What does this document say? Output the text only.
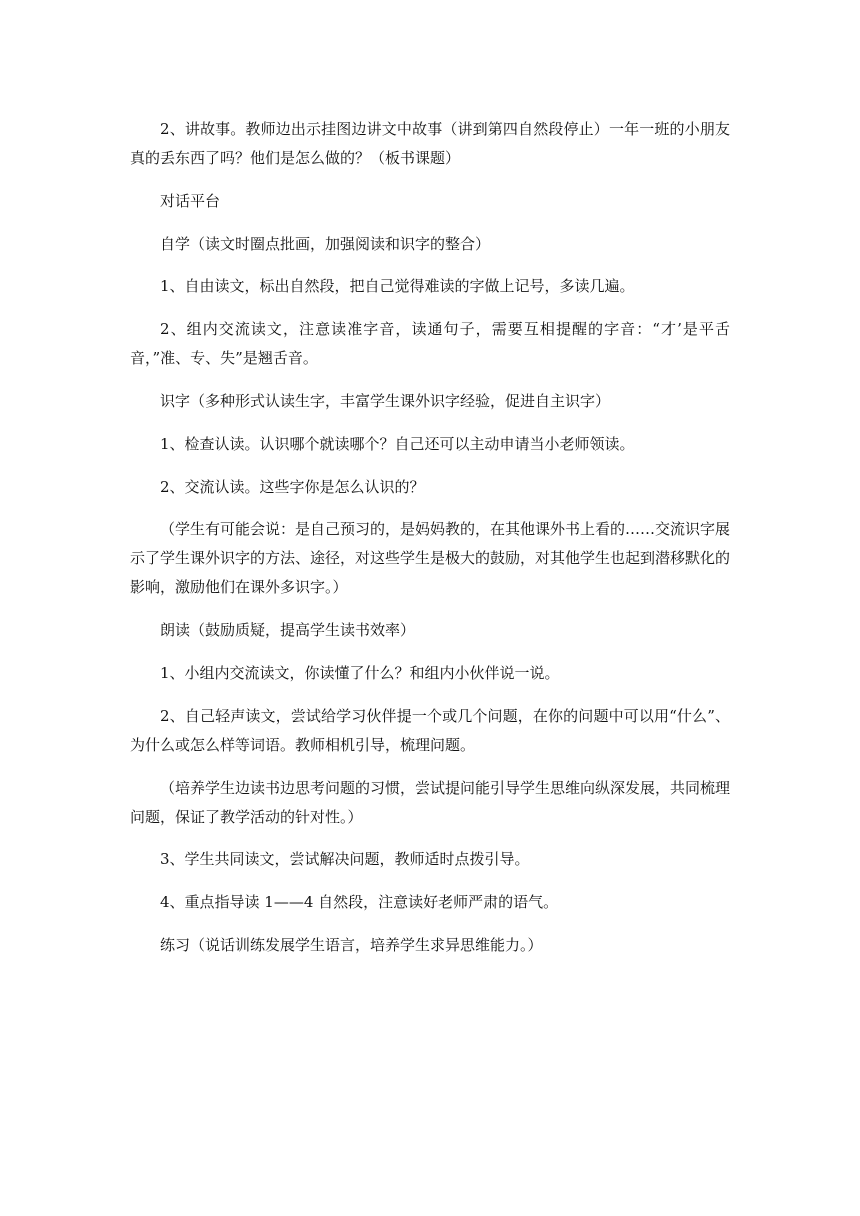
2、讲故事。教师边出示挂图边讲文中故事（讲到第四自然段停止）一年一班的小朋友真的丢东西了吗？他们是怎么做的？（板书课题）

对话平台

自学（读文时圈点批画，加强阅读和识字的整合）

1、自由读文，标出自然段，把自己觉得难读的字做上记号，多读几遍。

2、组内交流读文，注意读准字音，读通句子，需要互相提醒的字音：“才’是平舌音，”准、专、失”是翘舌音。

识字（多种形式认读生字，丰富学生课外识字经验，促进自主识字）

1、检查认读。认识哪个就读哪个？自己还可以主动申请当小老师领读。

2、交流认读。这些字你是怎么认识的？

（学生有可能会说：是自己预习的，是妈妈教的，在其他课外书上看的……交流识字展示了学生课外识字的方法、途径，对这些学生是极大的鼓励，对其他学生也起到潜移默化的影响，激励他们在课外多识字。）

朗读（鼓励质疑，提高学生读书效率）

1、小组内交流读文，你读懂了什么？和组内小伙伴说一说。

2、自己轻声读文，尝试给学习伙伴提一个或几个问题，在你的问题中可以用“什么”、为什么或怎么样等词语。教师相机引导，梳理问题。

（培养学生边读书边思考问题的习惯，尝试提问能引导学生思维向纵深发展，共同梳理问题，保证了教学活动的针对性。）

3、学生共同读文，尝试解决问题，教师适时点拨引导。

4、重点指导读 1——4 自然段，注意读好老师严肃的语气。

练习（说话训练发展学生语言，培养学生求异思维能力。）
